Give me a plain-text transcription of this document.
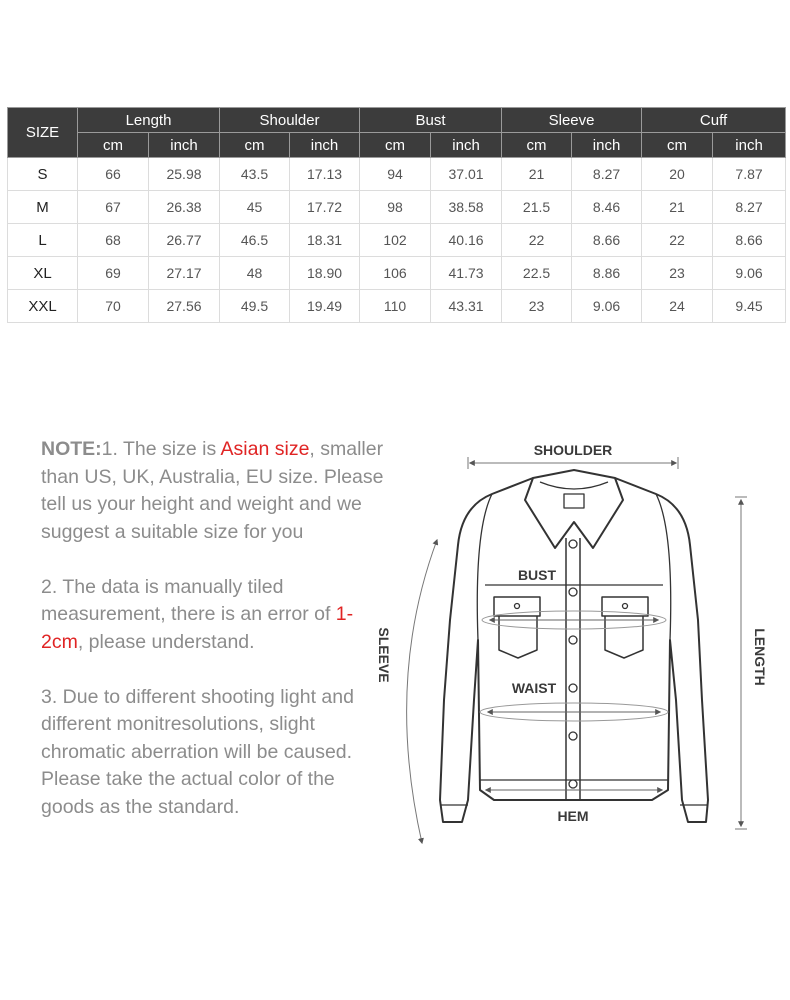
SIZE	Length		Shoulder		Bust		Sleeve		Cuff	
	cm	inch	cm	inch	cm	inch	cm	inch	cm	inch
S	66	25.98	43.5	17.13	94	37.01	21	8.27	20	7.87
M	67	26.38	45	17.72	98	38.58	21.5	8.46	21	8.27
L	68	26.77	46.5	18.31	102	40.16	22	8.66	22	8.66
XL	69	27.17	48	18.90	106	41.73	22.5	8.86	23	9.06
XXL	70	27.56	49.5	19.49	110	43.31	23	9.06	24	9.45

NOTE:1. The size is Asian size, smaller than US, UK, Australia, EU size. Please tell us your height and weight and we suggest a suitable size for you

2. The data is manually tiled measurement, there is an error of 1-2cm, please understand.

3. Due to different shooting light and different monitresolutions, slight chromatic aberration will be caused. Please take the actual color of the goods as the standard.

SHOULDER
BUST
WAIST
HEM
SLEEVE	LENGTH
